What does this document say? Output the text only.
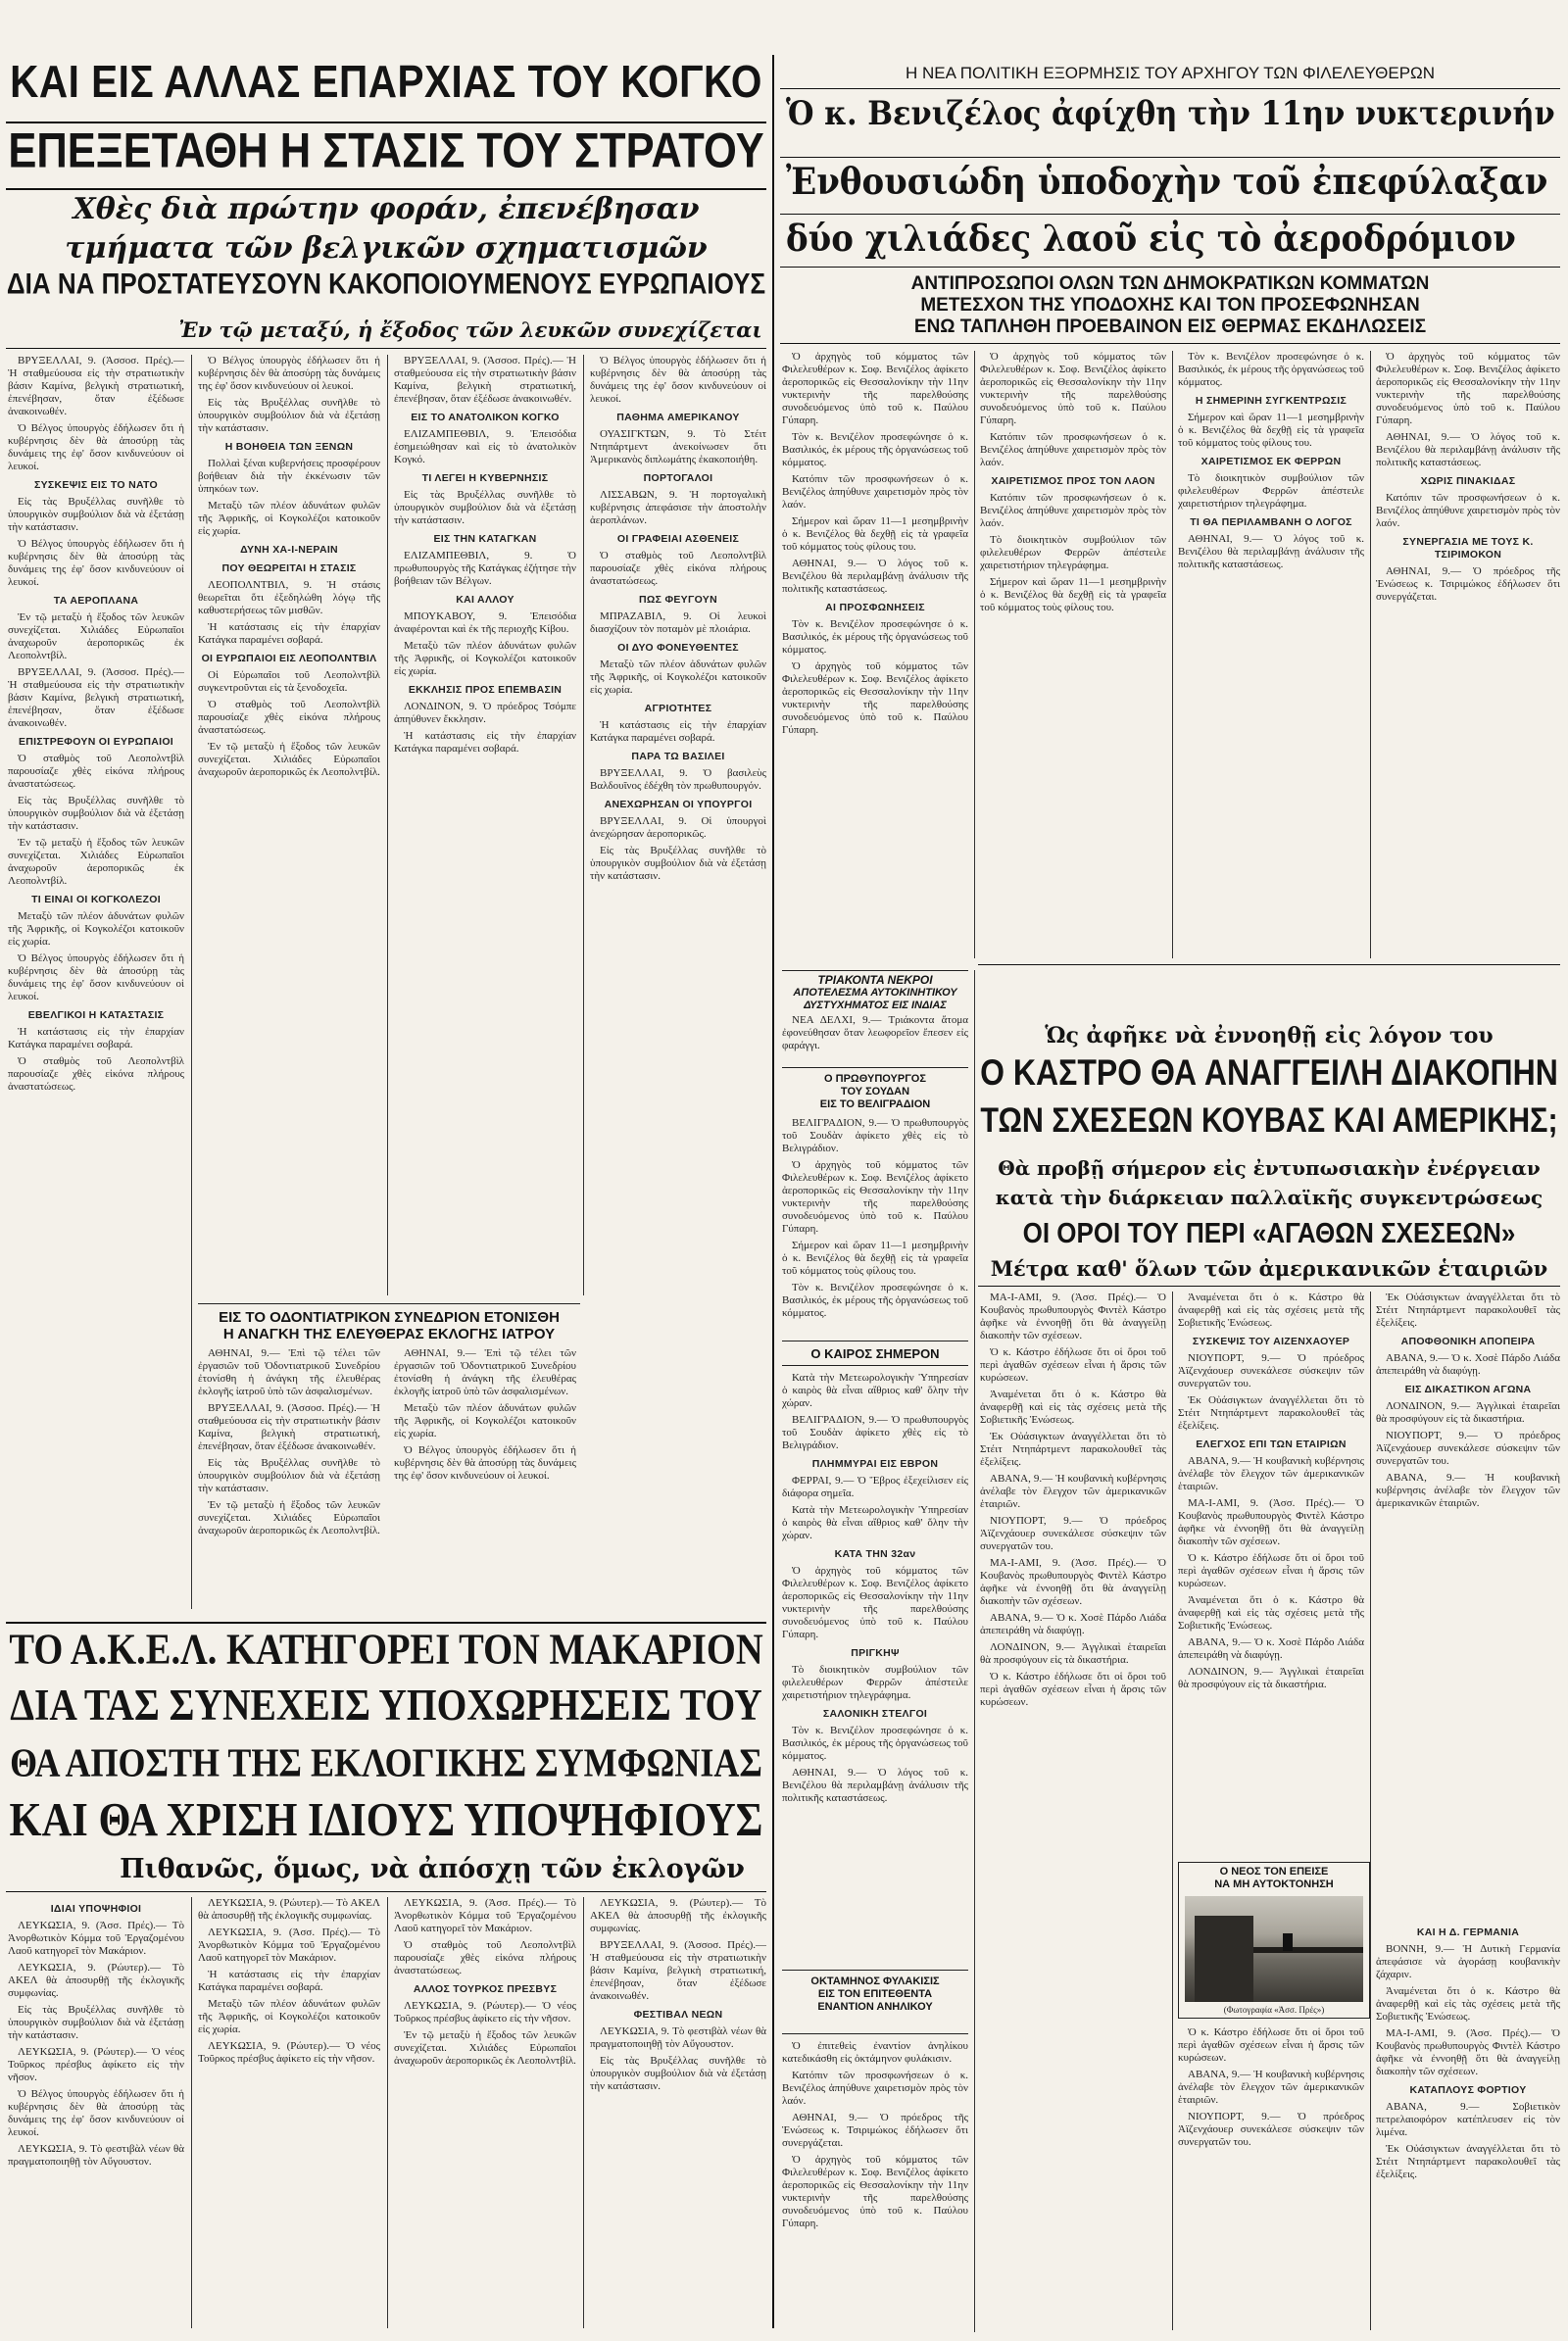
ΚΑΙ ΕΙΣ ΑΛΛΑΣ ΕΠΑΡΧΙΑΣ ΤΟΥ ΚΟΓΚΟ
ΕΠΕΞΕΤΑΘΗ Η ΣΤΑΣΙΣ ΤΟΥ ΣΤΡΑΤΟΥ
Χθὲς διὰ πρώτην φοράν, ἐπενέβησαν
τμήματα τῶν βελγικῶν σχηματισμῶν
ΔΙΑ ΝΑ ΠΡΟΣΤΑΤΕΥΣΟΥΝ ΚΑΚΟΠΟΙΟΥΜΕΝΟΥΣ ΕΥΡΩΠΑΙΟΥΣ
Ἐν τῷ μεταξύ, ἡ ἔξοδος τῶν λευκῶν συνεχίζεται

ΒΡΥΞΕΛΛΑΙ, 9. (Ἀσσοσ. Πρές).— Ἡ σταθμεύουσα εἰς τὴν στρατιωτικὴν βάσιν Καμίνα, βελγικὴ στρατιωτική, ἐπενέβησαν, ὅταν ἐξέδωσε ἀνακοινωθέν.

Ὁ Βέλγος ὑπουργὸς ἐδήλωσεν ὅτι ἡ κυβέρνησις δὲν θὰ ἀποσύρῃ τὰς δυνάμεις της ἐφ' ὅσον κινδυνεύουν οἱ λευκοί.

ΣΥΣΚΕΨΙΣ ΕΙΣ ΤΟ ΝΑΤΟ

Εἰς τὰς Βρυξέλλας συνῆλθε τὸ ὑπουργικὸν συμβούλιον διὰ νὰ ἐξετάσῃ τὴν κατάστασιν.

Ὁ Βέλγος ὑπουργὸς ἐδήλωσεν ὅτι ἡ κυβέρνησις δὲν θὰ ἀποσύρῃ τὰς δυνάμεις της ἐφ' ὅσον κινδυνεύουν οἱ λευκοί.

ΤΑ ΑΕΡΟΠΛΑΝΑ

Ἐν τῷ μεταξὺ ἡ ἔξοδος τῶν λευκῶν συνεχίζεται. Χιλιάδες Εὐρωπαῖοι ἀναχωροῦν ἀεροπορικῶς ἐκ Λεοπολντβίλ.

ΒΡΥΞΕΛΛΑΙ, 9. (Ἀσσοσ. Πρές).— Ἡ σταθμεύουσα εἰς τὴν στρατιωτικὴν βάσιν Καμίνα, βελγικὴ στρατιωτική, ἐπενέβησαν, ὅταν ἐξέδωσε ἀνακοινωθέν.

ΕΠΙΣΤΡΕΦΟΥΝ ΟΙ ΕΥΡΩΠΑΙΟΙ

Ὁ σταθμὸς τοῦ Λεοπολντβὶλ παρουσίαζε χθὲς εἰκόνα πλήρους ἀναστατώσεως.

Εἰς τὰς Βρυξέλλας συνῆλθε τὸ ὑπουργικὸν συμβούλιον διὰ νὰ ἐξετάσῃ τὴν κατάστασιν.

Ἐν τῷ μεταξὺ ἡ ἔξοδος τῶν λευκῶν συνεχίζεται. Χιλιάδες Εὐρωπαῖοι ἀναχωροῦν ἀεροπορικῶς ἐκ Λεοπολντβίλ.

ΤΙ ΕΙΝΑΙ ΟΙ ΚΟΓΚΟΛΕΖΟΙ

Μεταξὺ τῶν πλέον ἀδυνάτων φυλῶν τῆς Ἀφρικῆς, οἱ Κογκολέζοι κατοικοῦν εἰς χωρία.

Ὁ Βέλγος ὑπουργὸς ἐδήλωσεν ὅτι ἡ κυβέρνησις δὲν θὰ ἀποσύρῃ τὰς δυνάμεις της ἐφ' ὅσον κινδυνεύουν οἱ λευκοί.

ΕΒΕΛΓΙΚΟΙ Η ΚΑΤΑΣΤΑΣΙΣ

Ἡ κατάστασις εἰς τὴν ἐπαρχίαν Κατάγκα παραμένει σοβαρά.

Ὁ σταθμὸς τοῦ Λεοπολντβὶλ παρουσίαζε χθὲς εἰκόνα πλήρους ἀναστατώσεως.

Ὁ Βέλγος ὑπουργὸς ἐδήλωσεν ὅτι ἡ κυβέρνησις δὲν θὰ ἀποσύρῃ τὰς δυνάμεις της ἐφ' ὅσον κινδυνεύουν οἱ λευκοί.

Εἰς τὰς Βρυξέλλας συνῆλθε τὸ ὑπουργικὸν συμβούλιον διὰ νὰ ἐξετάσῃ τὴν κατάστασιν.

Η ΒΟΗΘΕΙΑ ΤΩΝ ΞΕΝΩΝ

Πολλαὶ ξέναι κυβερνήσεις προσφέρουν βοήθειαν διὰ τὴν ἐκκένωσιν τῶν ὑπηκόων των.

Μεταξὺ τῶν πλέον ἀδυνάτων φυλῶν τῆς Ἀφρικῆς, οἱ Κογκολέζοι κατοικοῦν εἰς χωρία.

ΔΥΝΗ ΧΑ-Ι-ΝΕΡΑΙΝ
ΠΟΥ ΘΕΩΡΕΙΤΑΙ Η ΣΤΑΣΙΣ

ΛΕΟΠΟΛΝΤΒΙΛ, 9. Ἡ στάσις θεωρεῖται ὅτι ἐξεδηλώθη λόγῳ τῆς καθυστερήσεως τῶν μισθῶν.

Ἡ κατάστασις εἰς τὴν ἐπαρχίαν Κατάγκα παραμένει σοβαρά.

ΟΙ ΕΥΡΩΠΑΙΟΙ ΕΙΣ ΛΕΟΠΟΛΝΤΒΙΛ

Οἱ Εὐρωπαῖοι τοῦ Λεοπολντβὶλ συγκεντροῦνται εἰς τὰ ξενοδοχεῖα.

Ὁ σταθμὸς τοῦ Λεοπολντβὶλ παρουσίαζε χθὲς εἰκόνα πλήρους ἀναστατώσεως.

Ἐν τῷ μεταξὺ ἡ ἔξοδος τῶν λευκῶν συνεχίζεται. Χιλιάδες Εὐρωπαῖοι ἀναχωροῦν ἀεροπορικῶς ἐκ Λεοπολντβίλ.

ΒΡΥΞΕΛΛΑΙ, 9. (Ἀσσοσ. Πρές).— Ἡ σταθμεύουσα εἰς τὴν στρατιωτικὴν βάσιν Καμίνα, βελγικὴ στρατιωτική, ἐπενέβησαν, ὅταν ἐξέδωσε ἀνακοινωθέν.

ΕΙΣ ΤΟ ΑΝΑΤΟΛΙΚΟΝ ΚΟΓΚΟ

ΕΛΙΖΑΜΠΕΘΒΙΛ, 9. Ἐπεισόδια ἐσημειώθησαν καὶ εἰς τὸ ἀνατολικὸν Κογκό.

ΤΙ ΛΕΓΕΙ Η ΚΥΒΕΡΝΗΣΙΣ

Εἰς τὰς Βρυξέλλας συνῆλθε τὸ ὑπουργικὸν συμβούλιον διὰ νὰ ἐξετάσῃ τὴν κατάστασιν.

ΕΙΣ ΤΗΝ ΚΑΤΑΓΚΑΝ

ΕΛΙΖΑΜΠΕΘΒΙΛ, 9. Ὁ πρωθυπουργὸς τῆς Κατάγκας ἐζήτησε τὴν βοήθειαν τῶν Βέλγων.

ΚΑΙ ΑΛΛΟΥ

ΜΠΟΥΚΑΒΟΥ, 9. Ἐπεισόδια ἀναφέρονται καὶ ἐκ τῆς περιοχῆς Κίβου.

Μεταξὺ τῶν πλέον ἀδυνάτων φυλῶν τῆς Ἀφρικῆς, οἱ Κογκολέζοι κατοικοῦν εἰς χωρία.

ΕΚΚΛΗΣΙΣ ΠΡΟΣ ΕΠΕΜΒΑΣΙΝ

ΛΟΝΔΙΝΟΝ, 9. Ὁ πρόεδρος Τσόμπε ἀπηύθυνεν ἔκκλησιν.

Ἡ κατάστασις εἰς τὴν ἐπαρχίαν Κατάγκα παραμένει σοβαρά.

Ὁ Βέλγος ὑπουργὸς ἐδήλωσεν ὅτι ἡ κυβέρνησις δὲν θὰ ἀποσύρῃ τὰς δυνάμεις της ἐφ' ὅσον κινδυνεύουν οἱ λευκοί.

ΠΑΘΗΜΑ ΑΜΕΡΙΚΑΝΟΥ

ΟΥΑΣΙΓΚΤΩΝ, 9. Τὸ Στέιτ Ντηπάρτμεντ ἀνεκοίνωσεν ὅτι Ἀμερικανὸς διπλωμάτης ἐκακοποιήθη.

ΠΟΡΤΟΓΑΛΟΙ

ΛΙΣΣΑΒΩΝ, 9. Ἡ πορτογαλικὴ κυβέρνησις ἀπεφάσισε τὴν ἀποστολὴν ἀεροπλάνων.

ΟΙ ΓΡΑΦΕΙΑΙ ΑΣΘΕΝΕΙΣ

Ὁ σταθμὸς τοῦ Λεοπολντβὶλ παρουσίαζε χθὲς εἰκόνα πλήρους ἀναστατώσεως.

ΠΩΣ ΦΕΥΓΟΥΝ

ΜΠΡΑΖΑΒΙΛ, 9. Οἱ λευκοὶ διασχίζουν τὸν ποταμὸν μὲ πλοιάρια.

ΟΙ ΔΥΟ ΦΟΝΕΥΘΕΝΤΕΣ

Μεταξὺ τῶν πλέον ἀδυνάτων φυλῶν τῆς Ἀφρικῆς, οἱ Κογκολέζοι κατοικοῦν εἰς χωρία.

ΑΓΡΙΟΤΗΤΕΣ

Ἡ κατάστασις εἰς τὴν ἐπαρχίαν Κατάγκα παραμένει σοβαρά.

ΠΑΡΑ ΤΩ ΒΑΣΙΛΕΙ

ΒΡΥΞΕΛΛΑΙ, 9. Ὁ βασιλεὺς Βαλδουῖνος ἐδέχθη τὸν πρωθυπουργόν.

ΑΝΕΧΩΡΗΣΑΝ ΟΙ ΥΠΟΥΡΓΟΙ

ΒΡΥΞΕΛΛΑΙ, 9. Οἱ ὑπουργοὶ ἀνεχώρησαν ἀεροπορικῶς.

Εἰς τὰς Βρυξέλλας συνῆλθε τὸ ὑπουργικὸν συμβούλιον διὰ νὰ ἐξετάσῃ τὴν κατάστασιν.

ΕΙΣ ΤΟ ΟΔΟΝΤΙΑΤΡΙΚΟΝ ΣΥΝΕΔΡΙΟΝ ΕΤΟΝΙΣΘΗ
Η ΑΝΑΓΚΗ ΤΗΣ ΕΛΕΥΘΕΡΑΣ ΕΚΛΟΓΗΣ ΙΑΤΡΟΥ

ΑΘΗΝΑΙ, 9.— Ἐπὶ τῷ τέλει τῶν ἐργασιῶν τοῦ Ὀδοντιατρικοῦ Συνεδρίου ἐτονίσθη ἡ ἀνάγκη τῆς ἐλευθέρας ἐκλογῆς ἰατροῦ ὑπὸ τῶν ἀσφαλισμένων.

ΒΡΥΞΕΛΛΑΙ, 9. (Ἀσσοσ. Πρές).— Ἡ σταθμεύουσα εἰς τὴν στρατιωτικὴν βάσιν Καμίνα, βελγικὴ στρατιωτική, ἐπενέβησαν, ὅταν ἐξέδωσε ἀνακοινωθέν.

Εἰς τὰς Βρυξέλλας συνῆλθε τὸ ὑπουργικὸν συμβούλιον διὰ νὰ ἐξετάσῃ τὴν κατάστασιν.

Ἐν τῷ μεταξὺ ἡ ἔξοδος τῶν λευκῶν συνεχίζεται. Χιλιάδες Εὐρωπαῖοι ἀναχωροῦν ἀεροπορικῶς ἐκ Λεοπολντβίλ.

ΑΘΗΝΑΙ, 9.— Ἐπὶ τῷ τέλει τῶν ἐργασιῶν τοῦ Ὀδοντιατρικοῦ Συνεδρίου ἐτονίσθη ἡ ἀνάγκη τῆς ἐλευθέρας ἐκλογῆς ἰατροῦ ὑπὸ τῶν ἀσφαλισμένων.

Μεταξὺ τῶν πλέον ἀδυνάτων φυλῶν τῆς Ἀφρικῆς, οἱ Κογκολέζοι κατοικοῦν εἰς χωρία.

Ὁ Βέλγος ὑπουργὸς ἐδήλωσεν ὅτι ἡ κυβέρνησις δὲν θὰ ἀποσύρῃ τὰς δυνάμεις της ἐφ' ὅσον κινδυνεύουν οἱ λευκοί.

ΤΟ Α.Κ.Ε.Λ. ΚΑΤΗΓΟΡΕΙ ΤΟΝ ΜΑΚΑΡΙΟΝ
ΔΙΑ ΤΑΣ ΣΥΝΕΧΕΙΣ ΥΠΟΧΩΡΗΣΕΙΣ ΤΟΥ
ΘΑ ΑΠΟΣΤΗ ΤΗΣ ΕΚΛΟΓΙΚΗΣ ΣΥΜΦΩΝΙΑΣ
ΚΑΙ ΘΑ ΧΡΙΣΗ ΙΔΙΟΥΣ ΥΠΟΨΗΦΙΟΥΣ
Πιθανῶς, ὅμως, νὰ ἀπόσχῃ τῶν ἐκλογῶν
ΙΔΙΑΙ ΥΠΟΨΗΦΙΟΙ

ΛΕΥΚΩΣΙΑ, 9. (Ἀσσ. Πρές).— Τὸ Ἀνορθωτικὸν Κόμμα τοῦ Ἐργαζομένου Λαοῦ κατηγορεῖ τὸν Μακάριον.

ΛΕΥΚΩΣΙΑ, 9. (Ρώυτερ).— Τὸ ΑΚΕΛ θὰ ἀποσυρθῇ τῆς ἐκλογικῆς συμφωνίας.

Εἰς τὰς Βρυξέλλας συνῆλθε τὸ ὑπουργικὸν συμβούλιον διὰ νὰ ἐξετάσῃ τὴν κατάστασιν.

ΛΕΥΚΩΣΙΑ, 9. (Ρώυτερ).— Ὁ νέος Τοῦρκος πρέσβυς ἀφίκετο εἰς τὴν νῆσον.

Ὁ Βέλγος ὑπουργὸς ἐδήλωσεν ὅτι ἡ κυβέρνησις δὲν θὰ ἀποσύρῃ τὰς δυνάμεις της ἐφ' ὅσον κινδυνεύουν οἱ λευκοί.

ΛΕΥΚΩΣΙΑ, 9. Τὸ φεστιβὰλ νέων θὰ πραγματοποιηθῇ τὸν Αὔγουστον.

ΛΕΥΚΩΣΙΑ, 9. (Ρώυτερ).— Τὸ ΑΚΕΛ θὰ ἀποσυρθῇ τῆς ἐκλογικῆς συμφωνίας.

ΛΕΥΚΩΣΙΑ, 9. (Ἀσσ. Πρές).— Τὸ Ἀνορθωτικὸν Κόμμα τοῦ Ἐργαζομένου Λαοῦ κατηγορεῖ τὸν Μακάριον.

Ἡ κατάστασις εἰς τὴν ἐπαρχίαν Κατάγκα παραμένει σοβαρά.

Μεταξὺ τῶν πλέον ἀδυνάτων φυλῶν τῆς Ἀφρικῆς, οἱ Κογκολέζοι κατοικοῦν εἰς χωρία.

ΛΕΥΚΩΣΙΑ, 9. (Ρώυτερ).— Ὁ νέος Τοῦρκος πρέσβυς ἀφίκετο εἰς τὴν νῆσον.

ΛΕΥΚΩΣΙΑ, 9. (Ἀσσ. Πρές).— Τὸ Ἀνορθωτικὸν Κόμμα τοῦ Ἐργαζομένου Λαοῦ κατηγορεῖ τὸν Μακάριον.

Ὁ σταθμὸς τοῦ Λεοπολντβὶλ παρουσίαζε χθὲς εἰκόνα πλήρους ἀναστατώσεως.

ΑΛΛΟΣ ΤΟΥΡΚΟΣ ΠΡΕΣΒΥΣ

ΛΕΥΚΩΣΙΑ, 9. (Ρώυτερ).— Ὁ νέος Τοῦρκος πρέσβυς ἀφίκετο εἰς τὴν νῆσον.

Ἐν τῷ μεταξὺ ἡ ἔξοδος τῶν λευκῶν συνεχίζεται. Χιλιάδες Εὐρωπαῖοι ἀναχωροῦν ἀεροπορικῶς ἐκ Λεοπολντβίλ.

ΛΕΥΚΩΣΙΑ, 9. (Ρώυτερ).— Τὸ ΑΚΕΛ θὰ ἀποσυρθῇ τῆς ἐκλογικῆς συμφωνίας.

ΒΡΥΞΕΛΛΑΙ, 9. (Ἀσσοσ. Πρές).— Ἡ σταθμεύουσα εἰς τὴν στρατιωτικὴν βάσιν Καμίνα, βελγικὴ στρατιωτική, ἐπενέβησαν, ὅταν ἐξέδωσε ἀνακοινωθέν.

ΦΕΣΤΙΒΑΛ ΝΕΩΝ

ΛΕΥΚΩΣΙΑ, 9. Τὸ φεστιβὰλ νέων θὰ πραγματοποιηθῇ τὸν Αὔγουστον.

Εἰς τὰς Βρυξέλλας συνῆλθε τὸ ὑπουργικὸν συμβούλιον διὰ νὰ ἐξετάσῃ τὴν κατάστασιν.

Η ΝΕΑ ΠΟΛΙΤΙΚΗ ΕΞΟΡΜΗΣΙΣ ΤΟΥ ΑΡΧΗΓΟΥ ΤΩΝ ΦΙΛΕΛΕΥΘΕΡΩΝ
Ὁ κ. Βενιζέλος ἀφίχθη τὴν 11ην νυκτερινήν
Ἐνθουσιώδη ὑποδοχὴν τοῦ ἐπεφύλαξαν
δύο χιλιάδες λαοῦ εἰς τὸ ἀεροδρόμιον
ΑΝΤΙΠΡΟΣΩΠΟΙ ΟΛΩΝ ΤΩΝ ΔΗΜΟΚΡΑΤΙΚΩΝ ΚΟΜΜΑΤΩΝ
ΜΕΤΕΣΧΟΝ ΤΗΣ ΥΠΟΔΟΧΗΣ ΚΑΙ ΤΟΝ ΠΡΟΣΕΦΩΝΗΣΑΝ
ΕΝΩ ΤΑΠΛΗΘΗ ΠΡΟΕΒΑΙΝΟΝ ΕΙΣ ΘΕΡΜΑΣ ΕΚΔΗΛΩΣΕΙΣ

Ὁ ἀρχηγὸς τοῦ κόμματος τῶν Φιλελευθέρων κ. Σοφ. Βενιζέλος ἀφίκετο ἀεροπορικῶς εἰς Θεσσαλονίκην τὴν 11ην νυκτερινὴν τῆς παρελθούσης συνοδευόμενος ὑπὸ τοῦ κ. Παύλου Γύπαρη.

Τὸν κ. Βενιζέλον προσεφώνησε ὁ κ. Βασιλικός, ἐκ μέρους τῆς ὀργανώσεως τοῦ κόμματος.

Κατόπιν τῶν προσφωνήσεων ὁ κ. Βενιζέλος ἀπηύθυνε χαιρετισμὸν πρὸς τὸν λαόν.

Σήμερον καὶ ὥραν 11—1 μεσημβρινὴν ὁ κ. Βενιζέλος θὰ δεχθῇ εἰς τὰ γραφεῖα τοῦ κόμματος τοὺς φίλους του.

ΑΘΗΝΑΙ, 9.— Ὁ λόγος τοῦ κ. Βενιζέλου θὰ περιλαμβάνῃ ἀνάλυσιν τῆς πολιτικῆς καταστάσεως.

ΑΙ ΠΡΟΣΦΩΝΗΣΕΙΣ

Τὸν κ. Βενιζέλον προσεφώνησε ὁ κ. Βασιλικός, ἐκ μέρους τῆς ὀργανώσεως τοῦ κόμματος.

Ὁ ἀρχηγὸς τοῦ κόμματος τῶν Φιλελευθέρων κ. Σοφ. Βενιζέλος ἀφίκετο ἀεροπορικῶς εἰς Θεσσαλονίκην τὴν 11ην νυκτερινὴν τῆς παρελθούσης συνοδευόμενος ὑπὸ τοῦ κ. Παύλου Γύπαρη.

Ὁ ἀρχηγὸς τοῦ κόμματος τῶν Φιλελευθέρων κ. Σοφ. Βενιζέλος ἀφίκετο ἀεροπορικῶς εἰς Θεσσαλονίκην τὴν 11ην νυκτερινὴν τῆς παρελθούσης συνοδευόμενος ὑπὸ τοῦ κ. Παύλου Γύπαρη.

Κατόπιν τῶν προσφωνήσεων ὁ κ. Βενιζέλος ἀπηύθυνε χαιρετισμὸν πρὸς τὸν λαόν.

ΧΑΙΡΕΤΙΣΜΟΣ ΠΡΟΣ ΤΟΝ ΛΑΟΝ

Κατόπιν τῶν προσφωνήσεων ὁ κ. Βενιζέλος ἀπηύθυνε χαιρετισμὸν πρὸς τὸν λαόν.

Τὸ διοικητικὸν συμβούλιον τῶν φιλελευθέρων Φερρῶν ἀπέστειλε χαιρετιστήριον τηλεγράφημα.

Σήμερον καὶ ὥραν 11—1 μεσημβρινὴν ὁ κ. Βενιζέλος θὰ δεχθῇ εἰς τὰ γραφεῖα τοῦ κόμματος τοὺς φίλους του.

Τὸν κ. Βενιζέλον προσεφώνησε ὁ κ. Βασιλικός, ἐκ μέρους τῆς ὀργανώσεως τοῦ κόμματος.

Η ΣΗΜΕΡΙΝΗ ΣΥΓΚΕΝΤΡΩΣΙΣ

Σήμερον καὶ ὥραν 11—1 μεσημβρινὴν ὁ κ. Βενιζέλος θὰ δεχθῇ εἰς τὰ γραφεῖα τοῦ κόμματος τοὺς φίλους του.

ΧΑΙΡΕΤΙΣΜΟΣ ΕΚ ΦΕΡΡΩΝ

Τὸ διοικητικὸν συμβούλιον τῶν φιλελευθέρων Φερρῶν ἀπέστειλε χαιρετιστήριον τηλεγράφημα.

ΤΙ ΘΑ ΠΕΡΙΛΑΜΒΑΝΗ Ο ΛΟΓΟΣ

ΑΘΗΝΑΙ, 9.— Ὁ λόγος τοῦ κ. Βενιζέλου θὰ περιλαμβάνῃ ἀνάλυσιν τῆς πολιτικῆς καταστάσεως.

Ὁ ἀρχηγὸς τοῦ κόμματος τῶν Φιλελευθέρων κ. Σοφ. Βενιζέλος ἀφίκετο ἀεροπορικῶς εἰς Θεσσαλονίκην τὴν 11ην νυκτερινὴν τῆς παρελθούσης συνοδευόμενος ὑπὸ τοῦ κ. Παύλου Γύπαρη.

ΑΘΗΝΑΙ, 9.— Ὁ λόγος τοῦ κ. Βενιζέλου θὰ περιλαμβάνῃ ἀνάλυσιν τῆς πολιτικῆς καταστάσεως.

ΧΩΡΙΣ ΠΙΝΑΚΙΔΑΣ

Κατόπιν τῶν προσφωνήσεων ὁ κ. Βενιζέλος ἀπηύθυνε χαιρετισμὸν πρὸς τὸν λαόν.

ΣΥΝΕΡΓΑΣΙΑ ΜΕ ΤΟΥΣ Κ. ΤΣΙΡΙΜΟΚΟΝ

ΑΘΗΝΑΙ, 9.— Ὁ πρόεδρος τῆς Ἑνώσεως κ. Τσιριμώκος ἐδήλωσεν ὅτι συνεργάζεται.

ΤΡΙΑΚΟΝΤΑ ΝΕΚΡΟΙ
ΑΠΟΤΕΛΕΣΜΑ ΑΥΤΟΚΙΝΗΤΙΚΟΥ
ΔΥΣΤΥΧΗΜΑΤΟΣ ΕΙΣ ΙΝΔΙΑΣ

ΝΕΑ ΔΕΛΧΙ, 9.— Τριάκοντα ἄτομα ἐφονεύθησαν ὅταν λεωφορεῖον ἔπεσεν εἰς φαράγγι.

Ο ΠΡΩΘΥΠΟΥΡΓΟΣ
ΤΟΥ ΣΟΥΔΑΝ
ΕΙΣ ΤΟ ΒΕΛΙΓΡΑΔΙΟΝ

ΒΕΛΙΓΡΑΔΙΟΝ, 9.— Ὁ πρωθυπουργὸς τοῦ Σουδὰν ἀφίκετο χθὲς εἰς τὸ Βελιγράδιον.

Ὁ ἀρχηγὸς τοῦ κόμματος τῶν Φιλελευθέρων κ. Σοφ. Βενιζέλος ἀφίκετο ἀεροπορικῶς εἰς Θεσσαλονίκην τὴν 11ην νυκτερινὴν τῆς παρελθούσης συνοδευόμενος ὑπὸ τοῦ κ. Παύλου Γύπαρη.

Σήμερον καὶ ὥραν 11—1 μεσημβρινὴν ὁ κ. Βενιζέλος θὰ δεχθῇ εἰς τὰ γραφεῖα τοῦ κόμματος τοὺς φίλους του.

Τὸν κ. Βενιζέλον προσεφώνησε ὁ κ. Βασιλικός, ἐκ μέρους τῆς ὀργανώσεως τοῦ κόμματος.

Ο ΚΑΙΡΟΣ ΣΗΜΕΡΟΝ

Κατὰ τὴν Μετεωρολογικὴν Ὑπηρεσίαν ὁ καιρὸς θὰ εἶναι αἴθριος καθ' ὅλην τὴν χώραν.

ΒΕΛΙΓΡΑΔΙΟΝ, 9.— Ὁ πρωθυπουργὸς τοῦ Σουδὰν ἀφίκετο χθὲς εἰς τὸ Βελιγράδιον.

ΠΛΗΜΜΥΡΑΙ ΕΙΣ ΕΒΡΟΝ

ΦΕΡΡΑΙ, 9.— Ὁ Ἕβρος ἐξεχείλισεν εἰς διάφορα σημεῖα.

Κατὰ τὴν Μετεωρολογικὴν Ὑπηρεσίαν ὁ καιρὸς θὰ εἶναι αἴθριος καθ' ὅλην τὴν χώραν.

ΚΑΤΑ ΤΗΝ 32αν

Ὁ ἀρχηγὸς τοῦ κόμματος τῶν Φιλελευθέρων κ. Σοφ. Βενιζέλος ἀφίκετο ἀεροπορικῶς εἰς Θεσσαλονίκην τὴν 11ην νυκτερινὴν τῆς παρελθούσης συνοδευόμενος ὑπὸ τοῦ κ. Παύλου Γύπαρη.

ΠΡΙΓΚΗΨ

Τὸ διοικητικὸν συμβούλιον τῶν φιλελευθέρων Φερρῶν ἀπέστειλε χαιρετιστήριον τηλεγράφημα.

ΣΑΛΟΝΙΚΗ ΣΤΕΛΓΟΙ

Τὸν κ. Βενιζέλον προσεφώνησε ὁ κ. Βασιλικός, ἐκ μέρους τῆς ὀργανώσεως τοῦ κόμματος.

ΑΘΗΝΑΙ, 9.— Ὁ λόγος τοῦ κ. Βενιζέλου θὰ περιλαμβάνῃ ἀνάλυσιν τῆς πολιτικῆς καταστάσεως.

ΟΚΤΑΜΗΝΟΣ ΦΥΛΑΚΙΣΙΣ
ΕΙΣ ΤΟΝ ΕΠΙΤΕΘΕΝΤΑ
ΕΝΑΝΤΙΟΝ ΑΝΗΛΙΚΟΥ

Ὁ ἐπιτεθεὶς ἐναντίον ἀνηλίκου κατεδικάσθη εἰς ὀκτάμηνον φυλάκισιν.

Κατόπιν τῶν προσφωνήσεων ὁ κ. Βενιζέλος ἀπηύθυνε χαιρετισμὸν πρὸς τὸν λαόν.

ΑΘΗΝΑΙ, 9.— Ὁ πρόεδρος τῆς Ἑνώσεως κ. Τσιριμώκος ἐδήλωσεν ὅτι συνεργάζεται.

Ὁ ἀρχηγὸς τοῦ κόμματος τῶν Φιλελευθέρων κ. Σοφ. Βενιζέλος ἀφίκετο ἀεροπορικῶς εἰς Θεσσαλονίκην τὴν 11ην νυκτερινὴν τῆς παρελθούσης συνοδευόμενος ὑπὸ τοῦ κ. Παύλου Γύπαρη.

Ὡς ἀφῆκε νὰ ἐννοηθῇ εἰς λόγον του
Ο ΚΑΣΤΡΟ ΘΑ ΑΝΑΓΓΕΙΛΗ ΔΙΑΚΟΠΗΝ
ΤΩΝ ΣΧΕΣΕΩΝ ΚΟΥΒΑΣ ΚΑΙ ΑΜΕΡΙΚΗΣ;
Θὰ προβῇ σήμερον εἰς ἐντυπωσιακὴν ἐνέργειαν
κατὰ τὴν διάρκειαν παλλαϊκῆς συγκεντρώσεως
ΟΙ ΟΡΟΙ ΤΟΥ ΠΕΡΙ «ΑΓΑΘΩΝ ΣΧΕΣΕΩΝ»
Μέτρα καθ' ὅλων τῶν ἀμερικανικῶν ἑταιριῶν

ΜΑ-Ι-ΑΜΙ, 9. (Ἀσσ. Πρές).— Ὁ Κουβανὸς πρωθυπουργὸς Φιντὲλ Κάστρο ἀφῆκε νὰ ἐννοηθῇ ὅτι θὰ ἀναγγείλῃ διακοπὴν τῶν σχέσεων.

Ὁ κ. Κάστρο ἐδήλωσε ὅτι οἱ ὅροι τοῦ περὶ ἀγαθῶν σχέσεων εἶναι ἡ ἄρσις τῶν κυρώσεων.

Ἀναμένεται ὅτι ὁ κ. Κάστρο θὰ ἀναφερθῇ καὶ εἰς τὰς σχέσεις μετὰ τῆς Σοβιετικῆς Ἑνώσεως.

Ἐκ Οὐάσιγκτων ἀναγγέλλεται ὅτι τὸ Στέιτ Ντηπάρτμεντ παρακολουθεῖ τὰς ἐξελίξεις.

ΑΒΑΝΑ, 9.— Ἡ κουβανικὴ κυβέρνησις ἀνέλαβε τὸν ἔλεγχον τῶν ἀμερικανικῶν ἑταιριῶν.

ΝΙΟΥΠΟΡΤ, 9.— Ὁ πρόεδρος Ἀϊζενχάουερ συνεκάλεσε σύσκεψιν τῶν συνεργατῶν του.

ΜΑ-Ι-ΑΜΙ, 9. (Ἀσσ. Πρές).— Ὁ Κουβανὸς πρωθυπουργὸς Φιντὲλ Κάστρο ἀφῆκε νὰ ἐννοηθῇ ὅτι θὰ ἀναγγείλῃ διακοπὴν τῶν σχέσεων.

ΑΒΑΝΑ, 9.— Ὁ κ. Χοσὲ Πάρδο Λιάδα ἀπεπειράθη νὰ διαφύγῃ.

ΛΟΝΔΙΝΟΝ, 9.— Ἀγγλικαὶ ἑταιρεῖαι θὰ προσφύγουν εἰς τὰ δικαστήρια.

Ὁ κ. Κάστρο ἐδήλωσε ὅτι οἱ ὅροι τοῦ περὶ ἀγαθῶν σχέσεων εἶναι ἡ ἄρσις τῶν κυρώσεων.

Ἀναμένεται ὅτι ὁ κ. Κάστρο θὰ ἀναφερθῇ καὶ εἰς τὰς σχέσεις μετὰ τῆς Σοβιετικῆς Ἑνώσεως.

ΣΥΣΚΕΨΙΣ ΤΟΥ ΑΙΖΕΝΧΑΟΥΕΡ

ΝΙΟΥΠΟΡΤ, 9.— Ὁ πρόεδρος Ἀϊζενχάουερ συνεκάλεσε σύσκεψιν τῶν συνεργατῶν του.

Ἐκ Οὐάσιγκτων ἀναγγέλλεται ὅτι τὸ Στέιτ Ντηπάρτμεντ παρακολουθεῖ τὰς ἐξελίξεις.

ΕΛΕΓΧΟΣ ΕΠΙ ΤΩΝ ΕΤΑΙΡΙΩΝ

ΑΒΑΝΑ, 9.— Ἡ κουβανικὴ κυβέρνησις ἀνέλαβε τὸν ἔλεγχον τῶν ἀμερικανικῶν ἑταιριῶν.

ΜΑ-Ι-ΑΜΙ, 9. (Ἀσσ. Πρές).— Ὁ Κουβανὸς πρωθυπουργὸς Φιντὲλ Κάστρο ἀφῆκε νὰ ἐννοηθῇ ὅτι θὰ ἀναγγείλῃ διακοπὴν τῶν σχέσεων.

Ὁ κ. Κάστρο ἐδήλωσε ὅτι οἱ ὅροι τοῦ περὶ ἀγαθῶν σχέσεων εἶναι ἡ ἄρσις τῶν κυρώσεων.

Ἀναμένεται ὅτι ὁ κ. Κάστρο θὰ ἀναφερθῇ καὶ εἰς τὰς σχέσεις μετὰ τῆς Σοβιετικῆς Ἑνώσεως.

ΑΒΑΝΑ, 9.— Ὁ κ. Χοσὲ Πάρδο Λιάδα ἀπεπειράθη νὰ διαφύγῃ.

ΛΟΝΔΙΝΟΝ, 9.— Ἀγγλικαὶ ἑταιρεῖαι θὰ προσφύγουν εἰς τὰ δικαστήρια.

Ἐκ Οὐάσιγκτων ἀναγγέλλεται ὅτι τὸ Στέιτ Ντηπάρτμεντ παρακολουθεῖ τὰς ἐξελίξεις.

ΑΠΟΦΘΟΝΙΚΗ ΑΠΟΠΕΙΡΑ

ΑΒΑΝΑ, 9.— Ὁ κ. Χοσὲ Πάρδο Λιάδα ἀπεπειράθη νὰ διαφύγῃ.

ΕΙΣ ΔΙΚΑΣΤΙΚΟΝ ΑΓΩΝΑ

ΛΟΝΔΙΝΟΝ, 9.— Ἀγγλικαὶ ἑταιρεῖαι θὰ προσφύγουν εἰς τὰ δικαστήρια.

ΝΙΟΥΠΟΡΤ, 9.— Ὁ πρόεδρος Ἀϊζενχάουερ συνεκάλεσε σύσκεψιν τῶν συνεργατῶν του.

ΑΒΑΝΑ, 9.— Ἡ κουβανικὴ κυβέρνησις ἀνέλαβε τὸν ἔλεγχον τῶν ἀμερικανικῶν ἑταιριῶν.

Ο ΝΕΟΣ ΤΟΝ ΕΠΕΙΣΕ
ΝΑ ΜΗ ΑΥΤΟΚΤΟΝΗΣΗ
(Φωτογραφία «Ἀσσ. Πρές»)
ΚΑΙ Η Δ. ΓΕΡΜΑΝΙΑ

ΒΟΝΝΗ, 9.— Ἡ Δυτικὴ Γερμανία ἀπεφάσισε νὰ ἀγοράσῃ κουβανικὴν ζάχαριν.

Ἀναμένεται ὅτι ὁ κ. Κάστρο θὰ ἀναφερθῇ καὶ εἰς τὰς σχέσεις μετὰ τῆς Σοβιετικῆς Ἑνώσεως.

ΜΑ-Ι-ΑΜΙ, 9. (Ἀσσ. Πρές).— Ὁ Κουβανὸς πρωθυπουργὸς Φιντὲλ Κάστρο ἀφῆκε νὰ ἐννοηθῇ ὅτι θὰ ἀναγγείλῃ διακοπὴν τῶν σχέσεων.

ΚΑΤΑΠΛΟΥΣ ΦΟΡΤΙΟΥ

ΑΒΑΝΑ, 9.— Σοβιετικὸν πετρελαιοφόρον κατέπλευσεν εἰς τὸν λιμένα.

Ἐκ Οὐάσιγκτων ἀναγγέλλεται ὅτι τὸ Στέιτ Ντηπάρτμεντ παρακολουθεῖ τὰς ἐξελίξεις.

Ὁ κ. Κάστρο ἐδήλωσε ὅτι οἱ ὅροι τοῦ περὶ ἀγαθῶν σχέσεων εἶναι ἡ ἄρσις τῶν κυρώσεων.

ΑΒΑΝΑ, 9.— Ἡ κουβανικὴ κυβέρνησις ἀνέλαβε τὸν ἔλεγχον τῶν ἀμερικανικῶν ἑταιριῶν.

ΝΙΟΥΠΟΡΤ, 9.— Ὁ πρόεδρος Ἀϊζενχάουερ συνεκάλεσε σύσκεψιν τῶν συνεργατῶν του.
